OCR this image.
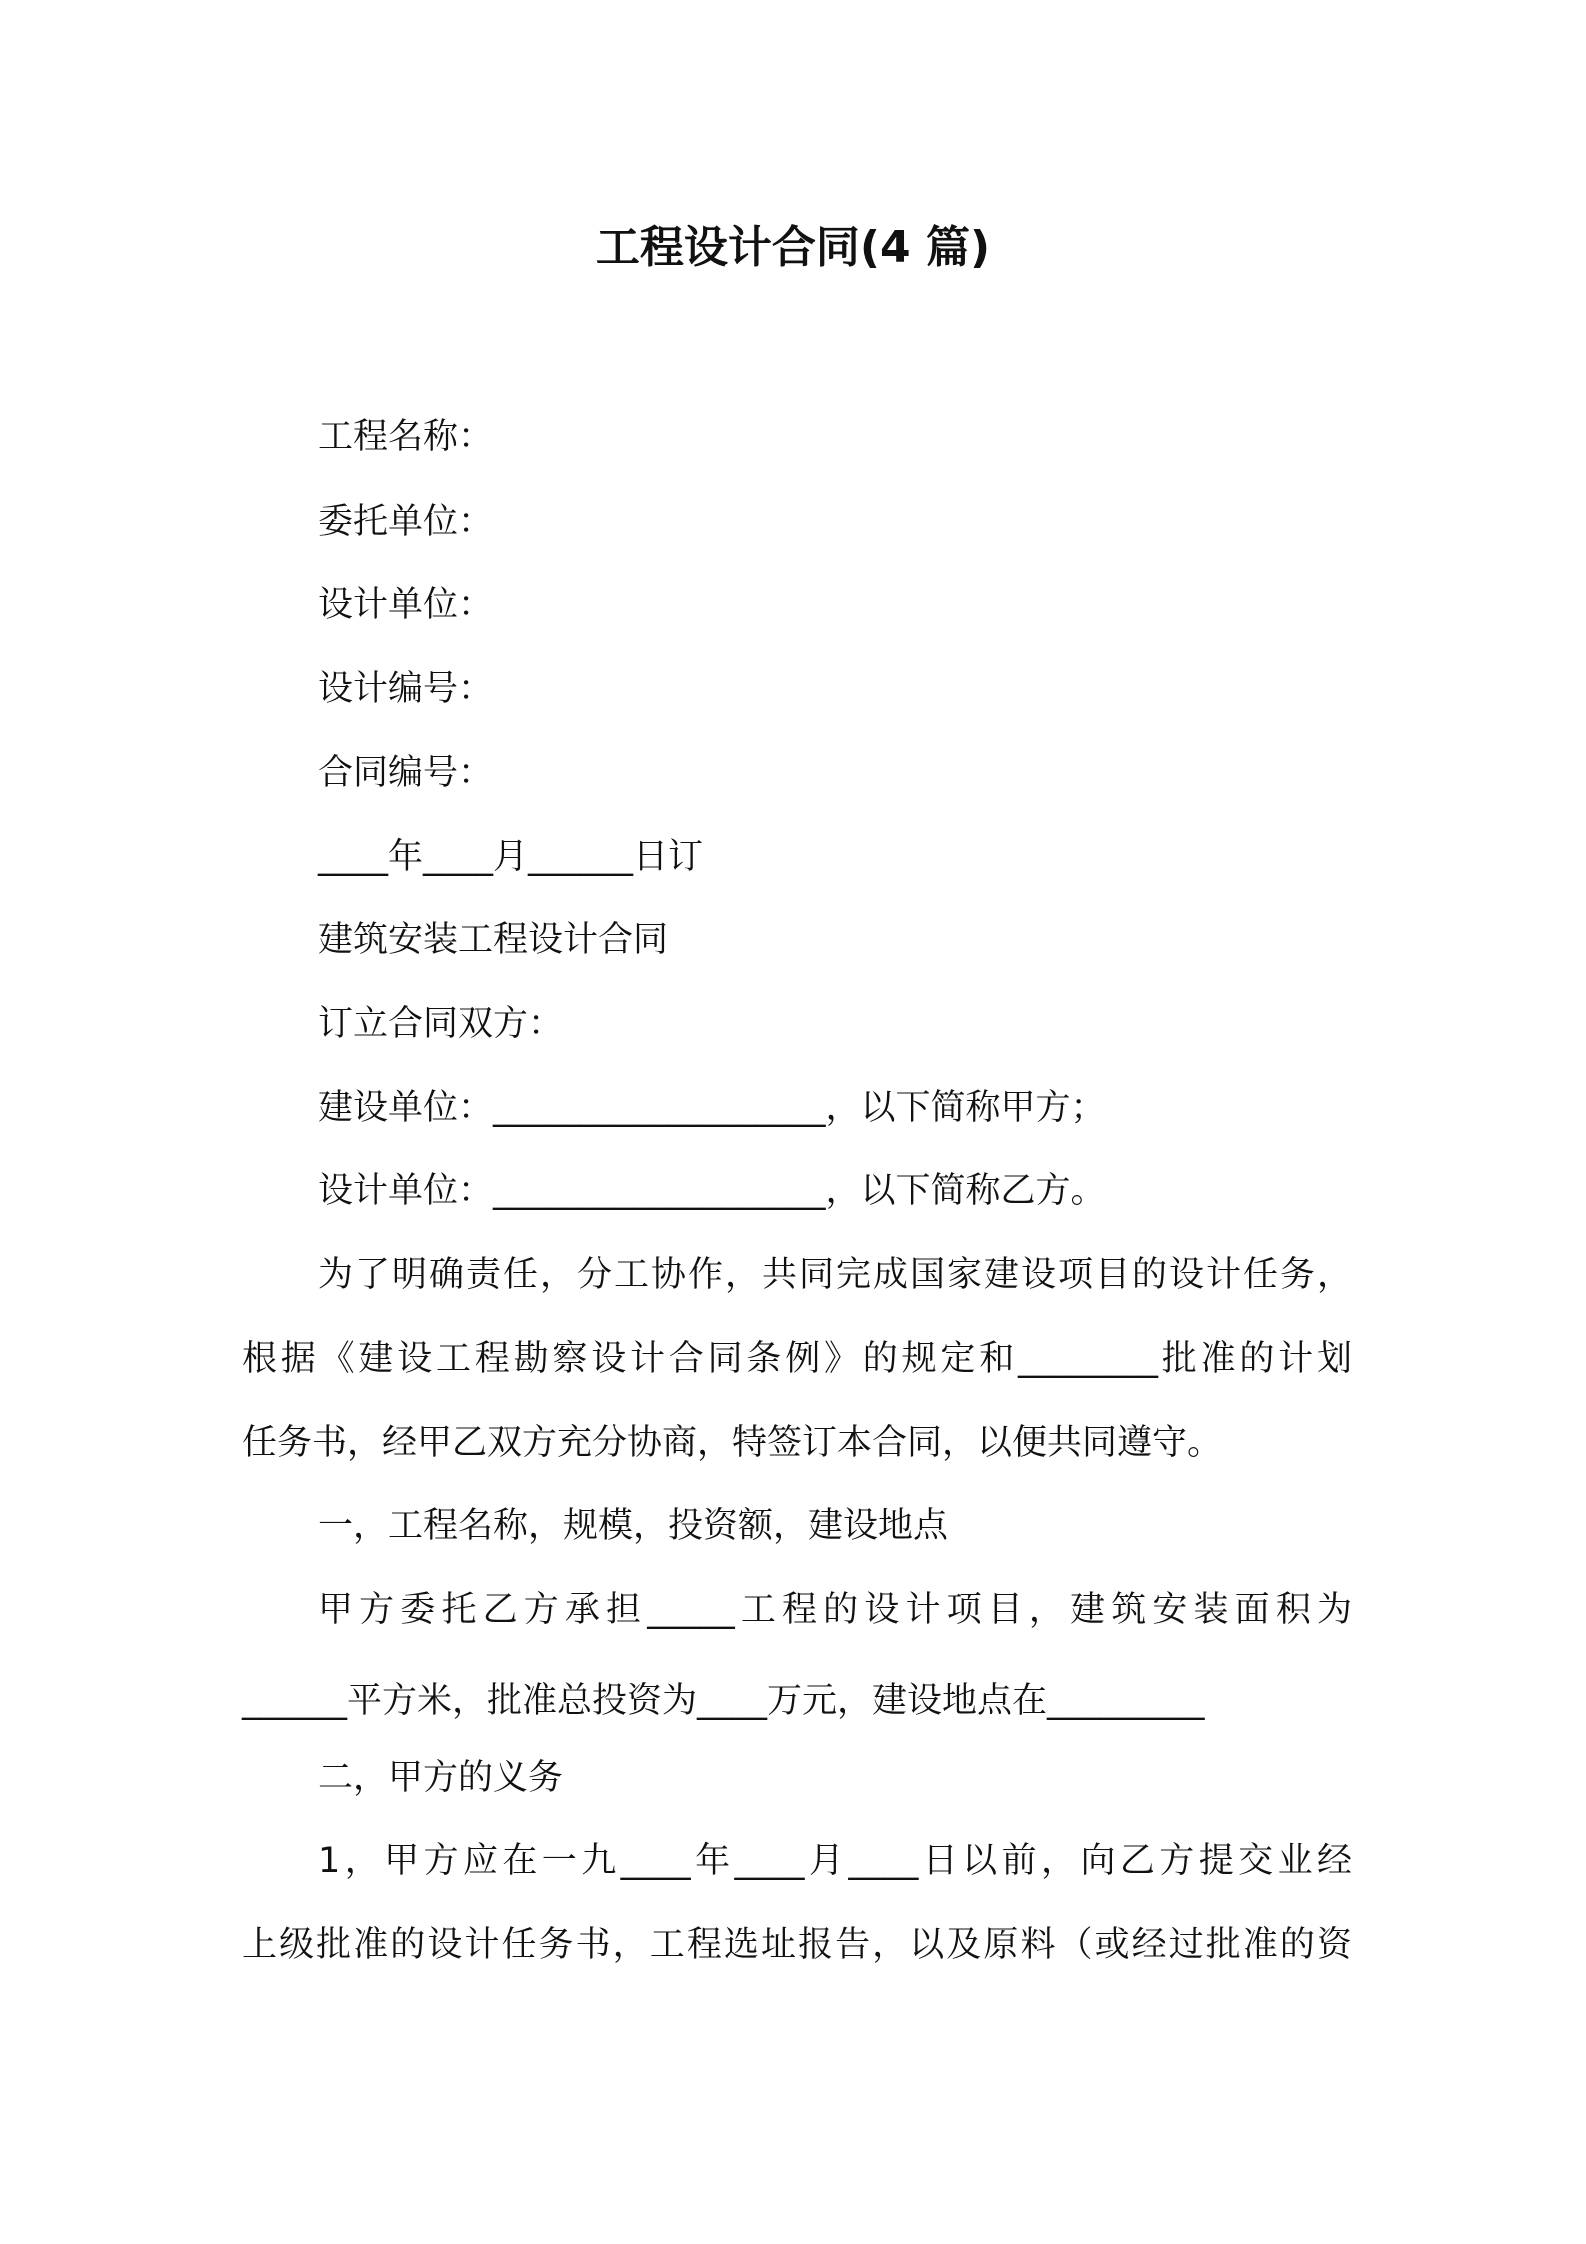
工程设计合同(4 篇)
工程名称：
委托单位：
设计单位：
设计编号：
合同编号：
____年____月______日订
建筑安装工程设计合同
订立合同双方：
建设单位：___________________，以下简称甲方；
设计单位：___________________，以下简称乙方。
为了明确责任，分工协作，共同完成国家建设项目的设计任务，
根据《建设工程勘察设计合同条例》的规定和________批准的计划
任务书，经甲乙双方充分协商，特签订本合同，以便共同遵守。
一，工程名称，规模，投资额，建设地点
甲方委托乙方承担_____工程的设计项目，建筑安装面积为
______平方米，批准总投资为____万元，建设地点在_________
二，甲方的义务
1，甲方应在一九____年____月____日以前，向乙方提交业经
上级批准的设计任务书，工程选址报告，以及原料（或经过批准的资
